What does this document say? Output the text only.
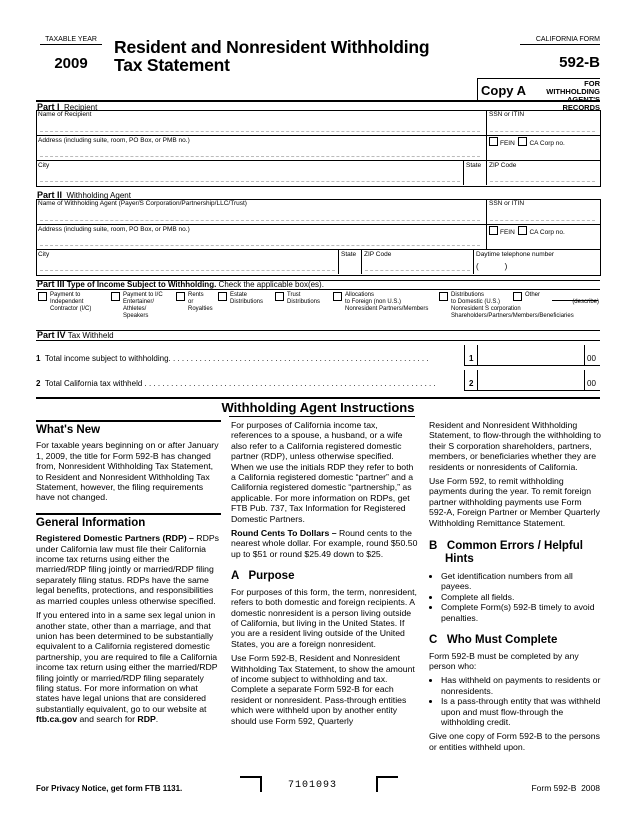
TAXABLE YEAR
2009
Resident and Nonresident Withholding
Tax Statement
CALIFORNIA FORM
592-B
Copy A	FOR WITHHOLDING
AGENT'S RECORDS
Part I Recipient
Name of Recipient	SSN or ITIN
Address (including suite, room, PO Box, or PMB no.)	FEIN CA Corp no.
City	State ZIP Code
Part II Withholding Agent
Name of Withholding Agent (Payer/S Corporation/Partnership/LLC/Trust)	SSN or ITIN
Address (including suite, room, PO Box, or PMB no.)	FEIN CA Corp no.
City	State ZIP Code	Daytime telephone number
(	)
Part III Type of Income Subject to Withholding. Check the applicable box(es).
Payment to
Independent
Contractor (I/C)
Payment to I/C
Entertainer/
Athletes/
Speakers
Rents
or
Royalties
Estate
Distributions
Trust
Distributions
Allocations
to Foreign (non U.S.)
Nonresident Partners/Members
Distributions
to Domestic (U.S.)
Nonresident S corporation
Shareholders/Partners/Members/Beneficiaries
Other
(describe)
Part IV Tax Withheld
1 Total income subject to withholding. . . . . . . . . . . . . . . . . . . . . . . . . . . . . . . . . . . . . . . . . . . . . . . . . . . . . . . . . . .	1	00
2 Total California tax withheld . . . . . . . . . . . . . . . . . . . . . . . . . . . . . . . . . . . . . . . . . . . . . . . . . . . . . . . . . . . . . . . . . .	2	00
Withholding Agent Instructions
What's New

For taxable years beginning on or after January 1, 2009, the title for Form 592-B has changed from, Nonresident Withholding Tax Statement, to Resident and Nonresident Withholding Tax Statement, however, the filing requirements have not changed.

General Information

Registered Domestic Partners (RDP) – RDPs under California law must file their California income tax returns using either the married/RDP filing jointly or married/RDP filing separately filing status. RDPs have the same legal benefits, protections, and responsibilities as married couples unless otherwise specified.

If you entered into in a same sex legal union in another state, other than a marriage, and that union has been determined to be substantially equivalent to a California registered domestic partnership, you are required to file a California income tax return using either the married/RDP filing jointly or married/RDP filing separately filing status. For more information on what states have legal unions that are considered substantially equivalent, go to our website at ftb.ca.gov and search for RDP.

For purposes of California income tax, references to a spouse, a husband, or a wife also refer to a California registered domestic partner (RDP), unless otherwise specified. When we use the initials RDP they refer to both a California registered domestic “partner” and a California registered domestic “partnership,” as applicable. For more information on RDPs, get FTB Pub. 737, Tax Information for Registered Domestic Partners.

Round Cents To Dollars – Round cents to the nearest whole dollar. For example, round $50.50 up to $51 or round $25.49 down to $25.

A   Purpose

For purposes of this form, the term, nonresident, refers to both domestic and foreign recipients. A domestic nonresident is a person living outside of California, but living in the United States. If you are a resident living outside of the United States, you are a foreign nonresident.

Use Form 592-B, Resident and Nonresident Withholding Tax Statement, to show the amount of income subject to withholding and tax. Complete a separate Form 592-B for each resident or nonresident. Pass-through entities which were withheld upon by another entity should use Form 592, Quarterly

Resident and Nonresident Withholding Statement, to flow-through the withholding to their S corporation shareholders, partners, members, or beneficiaries whether they are residents or nonresidents of California.

Use Form 592, to remit withholding payments during the year. To remit foreign partner withholding payments use Form 592-A, Foreign Partner or Member Quarterly Withholding Remittance Statement.

B   Common Errors / Helpful
Hints
• Get identification numbers from all payees.
• Complete all fields.
• Complete Form(s) 592-B timely to avoid penalties.
C   Who Must Complete

Form 592-B must be completed by any person who:

• Has withheld on payments to residents or nonresidents.
• Is a pass-through entity that was withheld upon and must flow-through the withholding credit.

Give one copy of Form 592-B to the persons or entities withheld upon.

For Privacy Notice, get form FTB 1131.	7101093	Form 592-B  2008
